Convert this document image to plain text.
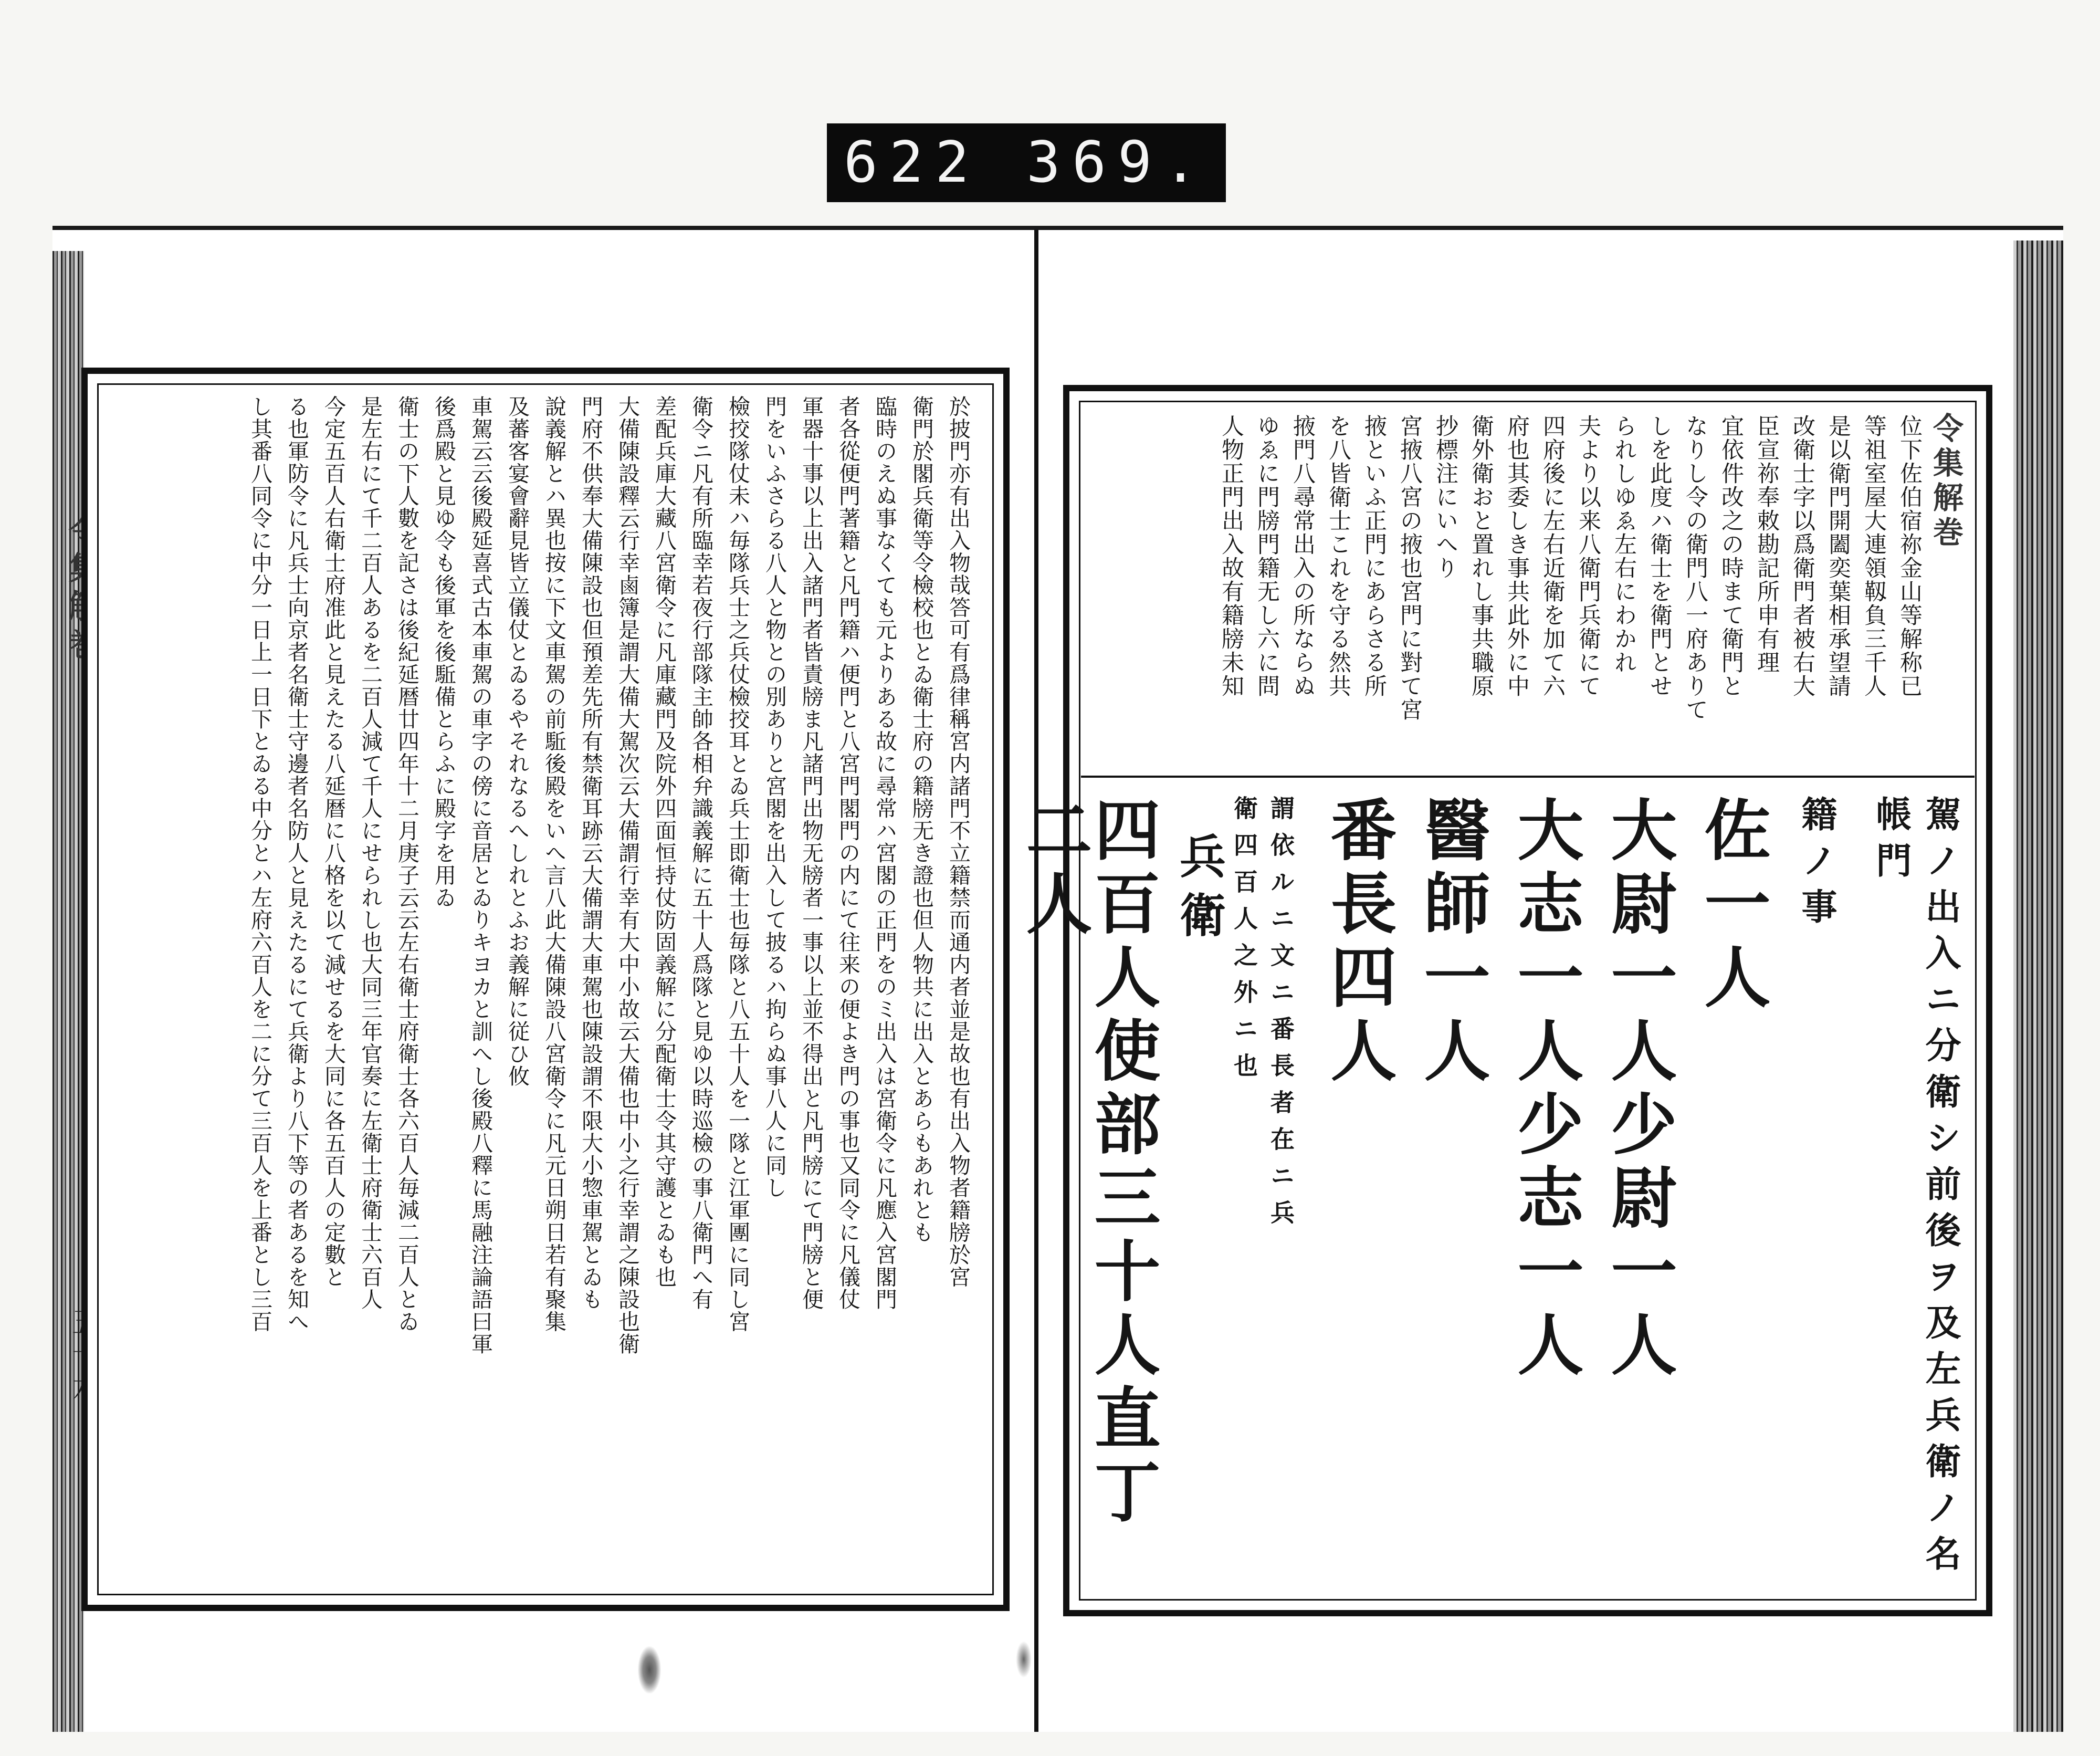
622 369.
於披門亦有出入物哉答可有爲律稱宮内諸門不立籍禁而通内者並是故也有出入物者籍牓於宮
衛門於閣兵衛等令檢校也とゐ衛士府の籍牓无き證也但人物共に出入とあらもあれとも
臨時のえぬ事なくても元よりある故に尋常ハ宮閣の正門をのミ出入は宮衛令に凡應入宮閣門
者各從便門著籍と凡門籍ハ便門と八宮門閣門の内にて往来の便よき門の事也又同令に凡儀仗
軍器十事以上出入諸門者皆責牓ま凡諸門出物无牓者一事以上並不得出と凡門牓にて門牓と便
門をいふさらる八人と物との別ありと宮閣を出入して披るハ拘らぬ事八人に同し
檢挍隊仗未ハ毎隊兵士之兵仗檢挍耳とゐ兵士即衛士也毎隊と八五十人を一隊と江軍團に同し宮
衛令ニ凡有所臨幸若夜行部隊主帥各相弁識義解に五十人爲隊と見ゆ以時巡檢の事八衛門へ有
差配兵庫大藏八宮衛令に凡庫藏門及院外四面恒持仗防固義解に分配衛士令其守護とゐも也
大備陳設釋云行幸鹵簿是謂大備大駕次云大備謂行幸有大中小故云大備也中小之行幸謂之陳設也衛
門府不供奉大備陳設也但預差先所有禁衛耳跡云大備謂大車駕也陳設謂不限大小惣車駕とゐも
說義解とハ異也按に下文車駕の前駈後殿をいへ言八此大備陳設八宮衛令に凡元日朔日若有聚集
及蕃客宴會辭見皆立儀仗とゐるやそれなるへしれとふお義解に従ひ攸
車駕云云後殿延喜式古本車駕の車字の傍に音居とゐりキヨカと訓へし後殿八釋に馬融注論語曰軍
後爲殿と見ゆ令も後軍を後駈備とらふに殿字を用ゐ
衛士の下人數を記さは後紀延暦廿四年十二月庚子云云左右衛士府衛士各六百人毎減二百人とゐ
是左右にて千二百人あるを二百人減て千人にせられし也大同三年官奏に左衛士府衛士六百人
今定五百人右衛士府准此と見えたる八延暦に八格を以て減せるを大同に各五百人の定數と
る也軍防令に凡兵士向京者名衛士守邊者名防人と見えたるにて兵衛より八下等の者あるを知へ
し其番八同令に中分一日上一日下とゐる中分とハ左府六百人を二に分て三百人を上番とし三百	令集解巻
位下佐伯宿祢金山等解称已
等祖室屋大連領靱負三千人
是以衛門開闔奕葉相承望請
改衛士字以爲衛門者被右大
臣宣祢奉敕勘記所申有理
宜依件改之の時まて衛門と
なりし令の衛門八一府ありて
しを此度ハ衛士を衛門とせ
られしゆゑ左右にわかれ
夫より以来八衛門兵衛にて
四府後に左右近衛を加て六
府也其委しき事共此外に中
衛外衛おと置れし事共職原
抄標注にいへり
宮掖八宮の掖也宮門に對て宮
掖といふ正門にあらさる所
を八皆衛士これを守る然共
掖門八尋常出入の所ならぬ
ゆゑに門牓門籍无し六に問
人物正門出入故有籍牓未知
駕ノ出入ニ分衛シ前後ヲ及左兵衛ノ名帳門
籍ノ事
佐一人
大尉一人少尉一人
大志一人少志一人
醫師一人
番長四人
謂依ルニ文ニ番長者在ニ兵
衛四百人之外ニ也
兵衛
四百人使部三十人直丁二人
